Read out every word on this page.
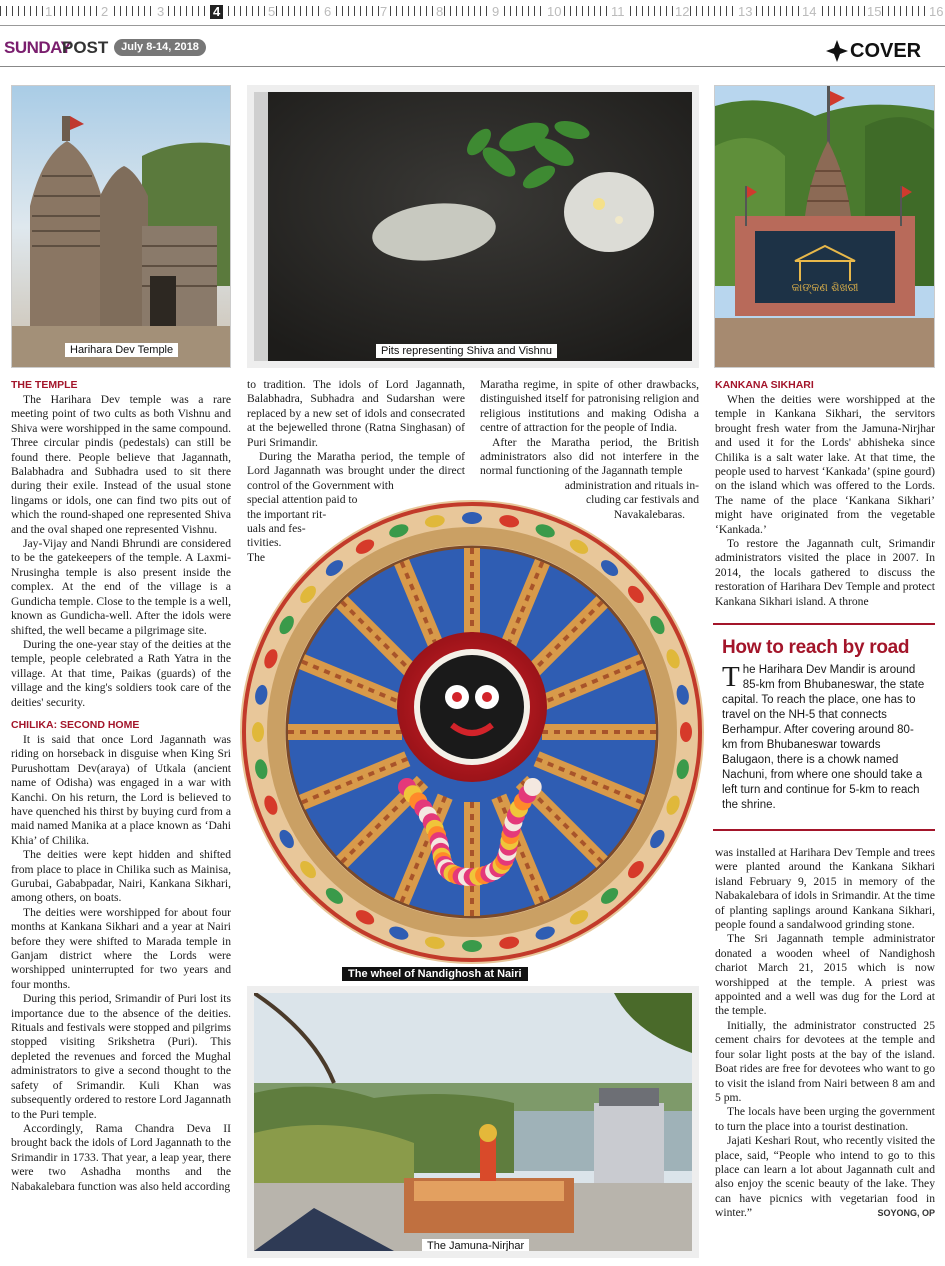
1	2	3	4	5	6	7	8	9	10	11	12	13	14	15	16
SUNDAY
POST	July 8-14, 2018	COVER
Harihara Dev Temple	Pits representing Shiva and Vishnu
କାଙ୍କଣ ଶିଖରୀ

THE TEMPLE

The Harihara Dev temple was a rare meeting point of two cults as both Vishnu and Shiva were worshipped in the same compound. Three circular pindis (pedestals) can still be found there. People believe that Jagannath, Balabhadra and Subhadra used to sit there during their exile. Instead of the usual stone lingams or idols, one can find two pits out of which the round-shaped one represented Shiva and the oval shaped one represented Vishnu.

Jay-Vijay and Nandi Bhrundi are considered to be the gatekeepers of the temple. A Laxmi-Nrusingha temple is also present inside the complex. At the end of the village is a Gundicha temple. Close to the temple is a well, known as Gundicha-well. After the idols were shifted, the well became a pilgrimage site.

During the one-year stay of the deities at the temple, people celebrated a Rath Yatra in the village. At that time, Paikas (guards) of the village and the king's soldiers took care of the deities' security.

CHILIKA: SECOND HOME

It is said that once Lord Jagannath was riding on horseback in disguise when King Sri Purushottam Dev(araya) of Utkala (ancient name of Odisha) was engaged in a war with Kanchi. On his return, the Lord is believed to have quenched his thirst by buying curd from a maid named Manika at a place known as ‘Dahi Khia’ of Chilika.

The deities were kept hidden and shifted from place to place in Chilika such as Mainisa, Gurubai, Gababpadar, Nairi, Kankana Sikhari, among others, on boats.

The deities were worshipped for about four months at Kankana Sikhari and a year at Nairi before they were shifted to Marada temple in Ganjam district where the Lords were worshipped uninterrupted for two years and four months.

During this period, Srimandir of Puri lost its importance due to the absence of the deities. Rituals and festivals were stopped and pilgrims stopped visiting Srikshetra (Puri). This depleted the revenues and forced the Mughal administrators to give a second thought to the safety of Srimandir. Kuli Khan was subsequently ordered to restore Lord Jagannath to the Puri temple.

Accordingly, Rama Chandra Deva II brought back the idols of Lord Jagannath to the Srimandir in 1733. That year, a leap year, there were two Ashadha months and the Nabakalebara function was also held according

to tradition. The idols of Lord Jagannath, Balabhadra, Subhadra and Sudarshan were replaced by a new set of idols and consecrated at the bejewelled throne (Ratna Singhasan) of Puri Srimandir.

During the Maratha period, the temple of Lord Jagannath was brought under the direct control of the Government with

special attention paid to

the important rit-

uals and fes-

tivities.

The

Maratha regime, in spite of other drawbacks, distinguished itself for patronising religion and religious institutions and making Odisha a centre of attraction for the people of India.

After the Maratha period, the British administrators also did not interfere in the normal functioning of the Jagannath temple

administration and rituals in-

cluding car festivals and

Navakalebaras.

The wheel of Nandighosh at Nairi

KANKANA SIKHARI

When the deities were worshipped at the temple in Kankana Sikhari, the servitors brought fresh water from the Jamuna-Nirjhar and used it for the Lords' abhisheka since Chilika is a salt water lake. At that time, the people used to harvest ‘Kankada’ (spine gourd) on the island which was offered to the Lords. The name of the place ‘Kankana Sikhari’ might have originated from the vegetable ‘Kankada.’

To restore the Jagannath cult, Srimandir administrators visited the place in 2007. In 2014, the locals gathered to discuss the restoration of Harihara Dev Temple and protect Kankana Sikhari island. A throne

How to reach by road
The Harihara Dev Mandir is around 85-km from Bhubaneswar, the state capital. To reach the place, one has to travel on the NH-5 that connects Berhampur. After covering around 80-km from Bhubaneswar towards Balugaon, there is a chowk named Nachuni, from where one should take a left turn and continue for 5-km to reach the shrine.

was installed at Harihara Dev Temple and trees were planted around the Kankana Sikhari island February 9, 2015 in memory of the Nabakalebara of idols in Srimandir. At the time of planting saplings around Kankana Sikhari, people found a sandalwood grinding stone.

The Sri Jagannath temple administrator donated a wooden wheel of Nandighosh chariot March 21, 2015 which is now worshipped at the temple. A priest was appointed and a well was dug for the Lord at the temple.

Initially, the administrator constructed 25 cement chairs for devotees at the temple and four solar light posts at the bay of the island. Boat rides are free for devotees who want to go to visit the island from Nairi between 8 am and 5 pm.

The locals have been urging the government to turn the place into a tourist destination.

Jajati Keshari Rout, who recently visited the place, said, “People who intend to go to this place can learn a lot about Jagannath cult and also enjoy the scenic beauty of the lake. They can have picnics with vegetarian food in winter.”	SOYONG, OP

The Jamuna-Nirjhar
